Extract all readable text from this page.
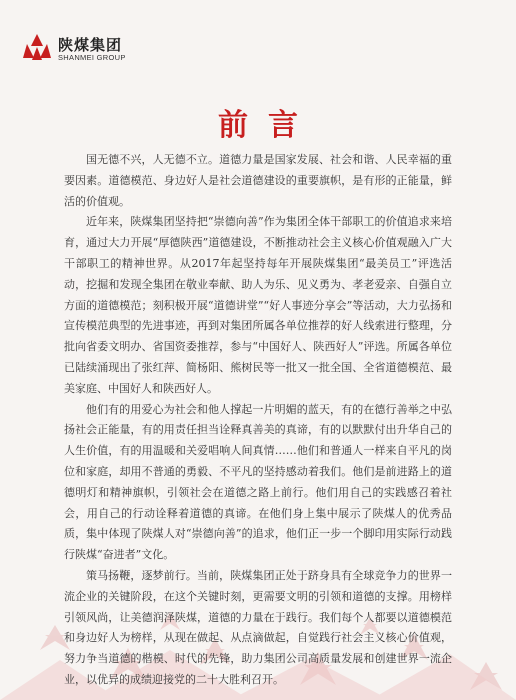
陕煤集团
SHANMEI GROUP
前言

国无德不兴，人无德不立。道德力量是国家发展、社会和谐、人民幸福的重要因素。道德模范、身边好人是社会道德建设的重要旗帜，是有形的正能量，鲜活的价值观。

近年来，陕煤集团坚持把“崇德向善”作为集团全体干部职工的价值追求来培育，通过大力开展“厚德陕西”道德建设，不断推动社会主义核心价值观融入广大干部职工的精神世界。从2017年起坚持每年开展陕煤集团“最美员工”评选活动，挖掘和发现全集团在敬业奉献、助人为乐、见义勇为、孝老爱亲、自强自立方面的道德模范；刻积极开展“道德讲堂”“好人事迹分享会”等活动，大力弘扬和宣传模范典型的先进事迹，再到对集团所属各单位推荐的好人线索进行整理，分批向省委文明办、省国资委推荐，参与“中国好人、陕西好人”评选。所属各单位已陆续涌现出了张红萍、简杨阳、熊树民等一批又一批全国、全省道德模范、最美家庭、中国好人和陕西好人。

他们有的用爱心为社会和他人撑起一片明媚的蓝天，有的在德行善举之中弘扬社会正能量，有的用责任担当诠释真善美的真谛，有的以默默付出升华自己的人生价值，有的用温暖和关爱唱响人间真情……他们和普通人一样来自平凡的岗位和家庭，却用不普通的勇毅、不平凡的坚持感动着我们。他们是前进路上的道德明灯和精神旗帜，引领社会在道德之路上前行。他们用自己的实践感召着社会，用自己的行动诠释着道德的真谛。在他们身上集中展示了陕煤人的优秀品质，集中体现了陕煤人对“崇德向善”的追求，他们正一步一个脚印用实际行动践行陕煤“奋进者”文化。

策马扬鞭，逐梦前行。当前，陕煤集团正处于跻身具有全球竞争力的世界一流企业的关键阶段，在这个关键时刻，更需要文明的引领和道德的支撑。用榜样引领风尚，让美德润泽陕煤，道德的力量在于践行。我们每个人都要以道德模范和身边好人为榜样，从现在做起、从点滴做起，自觉践行社会主义核心价值观，努力争当道德的楷模、时代的先锋，助力集团公司高质量发展和创建世界一流企业，以优异的成绩迎接党的二十大胜利召开。
